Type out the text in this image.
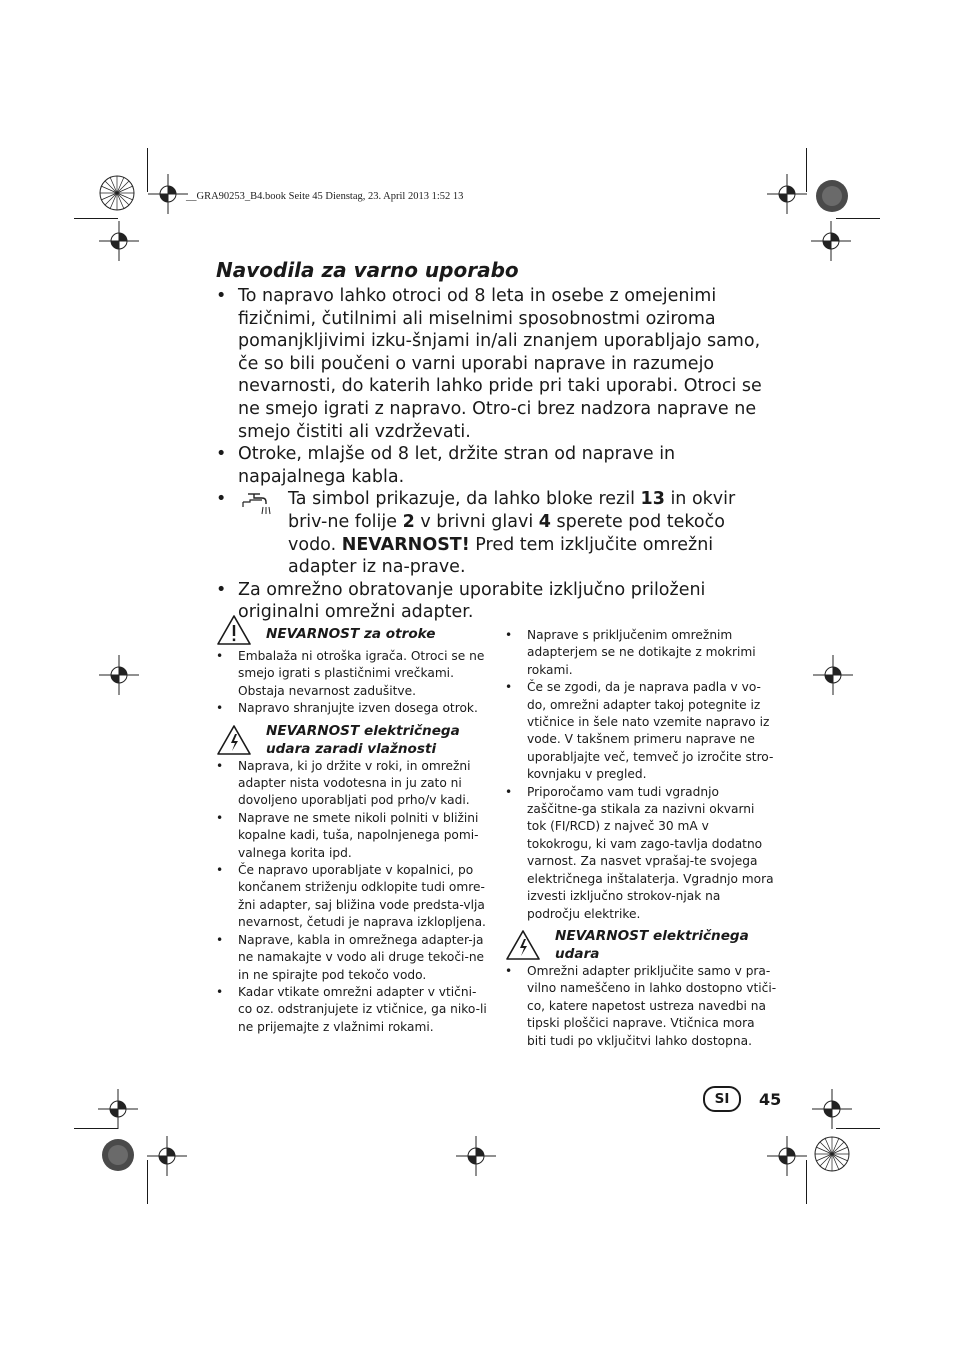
__GRA90253_B4.book Seite 45 Dienstag, 23. April 2013 1:52 13
Navodila za varno uporabo

• To napravo lahko otroci od 8 leta in osebe z omejenimi fizičnimi, čutilnimi ali miselnimi sposobnostmi oziroma pomanjkljivimi izku-šnjami in/ali znanjem uporabljajo samo, če so bili poučeni o varni uporabi naprave in razumejo nevarnosti, do katerih lahko pride pri taki uporabi. Otroci se ne smejo igrati z napravo. Otro-ci brez nadzora naprave ne smejo čistiti ali vzdrževati.

• Otroke, mlajše od 8 let, držite stran od naprave in napajalnega kabla.

•	Ta simbol prikazuje, da lahko bloke rezil 13 in okvir briv-ne folije 2 v brivni glavi 4 sperete pod tekočo vodo. NEVARNOST! Pred tem izključite omrežni adapter iz na-prave.

• Za omrežno obratovanje uporabite izključno priloženi originalni omrežni adapter.

NEVARNOST za otroke
• Embalaža ni otroška igrača. Otroci se ne smejo igrati s plastičnimi vrečkami. Obstaja nevarnost zadušitve.
• Napravo shranjujte izven dosega otrok.
NEVARNOST električnega
udara zaradi vlažnosti
• Naprava, ki jo držite v roki, in omrežni adapter nista vodotesna in ju zato ni dovoljeno uporabljati pod prho/v kadi.
• Naprave ne smete nikoli polniti v bližini kopalne kadi, tuša, napolnjenega pomi-valnega korita ipd.
• Če napravo uporabljate v kopalnici, po končanem striženju odklopite tudi omre-žni adapter, saj bližina vode predsta-vlja nevarnost, četudi je naprava izklopljena.
• Naprave, kabla in omrežnega adapter-ja ne namakajte v vodo ali druge tekoči-ne in ne spirajte pod tekočo vodo.
• Kadar vtikate omrežni adapter v vtični-co oz. odstranjujete iz vtičnice, ga niko-li ne prijemajte z vlažnimi rokami.
• Naprave s priključenim omrežnim adapterjem se ne dotikajte z mokrimi rokami.
• Če se zgodi, da je naprava padla v vo-do, omrežni adapter takoj potegnite iz vtičnice in šele nato vzemite napravo iz vode. V takšnem primeru naprave ne uporabljajte več, temveč jo izročite stro-kovnjaku v pregled.
• Priporočamo vam tudi vgradnjo zaščitne-ga stikala za nazivni okvarni tok (FI/RCD) z največ 30 mA v tokokrogu, ki vam zago-tavlja dodatno varnost. Za nasvet vprašaj-te svojega električnega inštalaterja. Vgradnjo mora izvesti izključno strokov-njak na področju elektrike.
NEVARNOST električnega
udara
• Omrežni adapter priključite samo v pra-vilno nameščeno in lahko dostopno vtiči-co, katere napetost ustreza navedbi na tipski ploščici naprave. Vtičnica mora biti tudi po vključitvi lahko dostopna.
SI	45
